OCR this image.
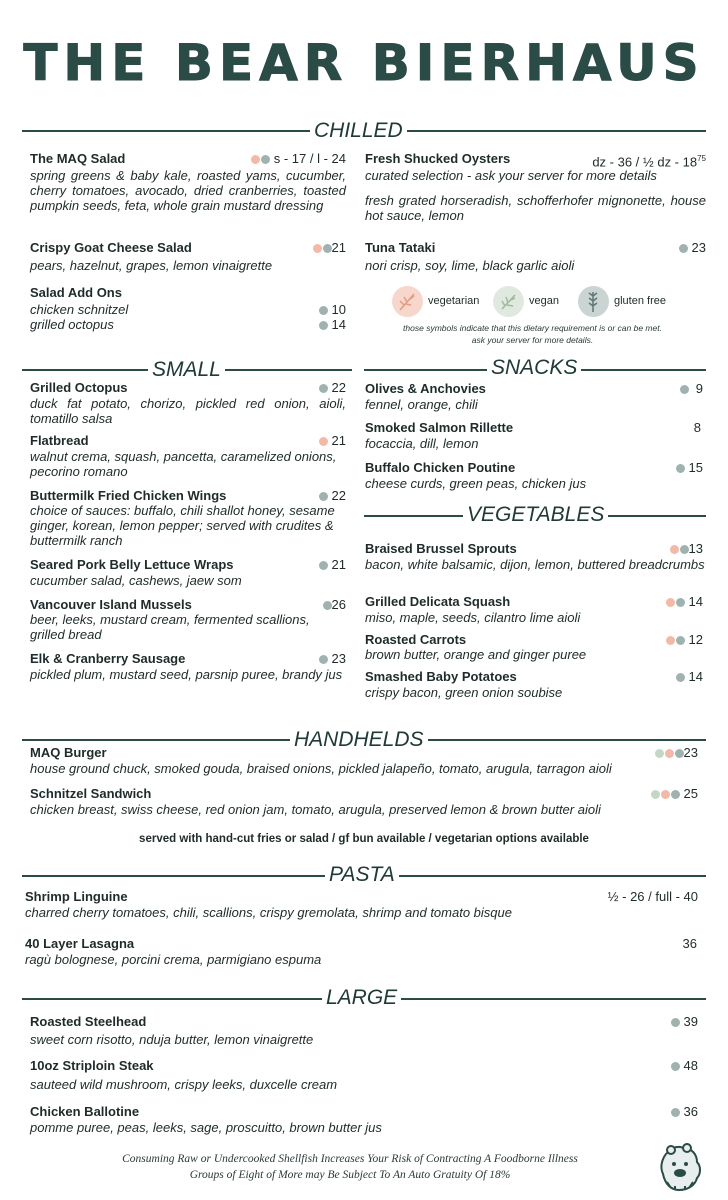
THE BEAR BIERHAUS
CHILLED
The MAQ Salad	s - 17 / l - 24
spring greens & baby kale, roasted yams, cucumber, cherry tomatoes, avocado, dried cranberries, toasted pumpkin seeds, feta, whole grain mustard dressing
Crispy Goat Cheese Salad	21
pears, hazelnut, grapes, lemon vinaigrette
Salad Add Ons
chicken schnitzel	10
grilled octopus	14
Fresh Shucked Oysters	dz - 36 / ½ dz - $18^{75}$
curated selection - ask your server for more details
fresh grated horseradish, schofferhofer mignonette, house hot sauce, lemon
Tuna Tataki	23
nori crisp, soy, lime, black garlic aioli
vegetarian	vegan	gluten free
those symbols indicate that this dietary requirement is or can be met. ask your server for more details.
SMALL	SNACKS
Grilled Octopus	22
duck fat potato, chorizo, pickled red onion, aioli, tomatillo salsa
Flatbread	21
walnut crema, squash, pancetta, caramelized onions, pecorino romano
Buttermilk Fried Chicken Wings	22
choice of sauces: buffalo, chili shallot honey, sesame ginger, korean, lemon pepper; served with crudites & buttermilk ranch
Seared Pork Belly Lettuce Wraps	21
cucumber salad, cashews, jaew som
Vancouver Island Mussels	26
beer, leeks, mustard cream, fermented scallions, grilled bread
Elk & Cranberry Sausage	23
pickled plum, mustard seed, parsnip puree, brandy jus
Olives & Anchovies	9
fennel, orange, chili
Smoked Salmon Rillette	8
focaccia, dill, lemon
Buffalo Chicken Poutine	15
cheese curds, green peas, chicken jus
VEGETABLES
Braised Brussel Sprouts	13
bacon, white balsamic, dijon, lemon, buttered breadcrumbs
Grilled Delicata Squash	14
miso, maple, seeds, cilantro lime aioli
Roasted Carrots	12
brown butter, orange and ginger puree
Smashed Baby Potatoes	14
crispy bacon, green onion soubise
HANDHELDS
MAQ Burger	23
house ground chuck, smoked gouda, braised onions, pickled jalapeño, tomato, arugula, tarragon aioli
Schnitzel Sandwich	25
chicken breast, swiss cheese, red onion jam, tomato, arugula, preserved lemon & brown butter aioli
served with hand-cut fries or salad / gf bun available / vegetarian options available
PASTA
Shrimp Linguine	½ - 26 / full - 40
charred cherry tomatoes, chili, scallions, crispy gremolata, shrimp and tomato bisque
40 Layer Lasagna	36
ragù bolognese, porcini crema, parmigiano espuma
LARGE
Roasted Steelhead	39
sweet corn risotto, nduja butter, lemon vinaigrette
10oz Striploin Steak	48
sauteed wild mushroom, crispy leeks, duxcelle cream
Chicken Ballotine	36
pomme puree, peas, leeks, sage, proscuitto, brown butter jus
Consuming Raw or Undercooked Shellfish Increases Your Risk of Contracting A Foodborne Illness
Groups of Eight of More may Be Subject To An Auto Gratuity Of 18%
